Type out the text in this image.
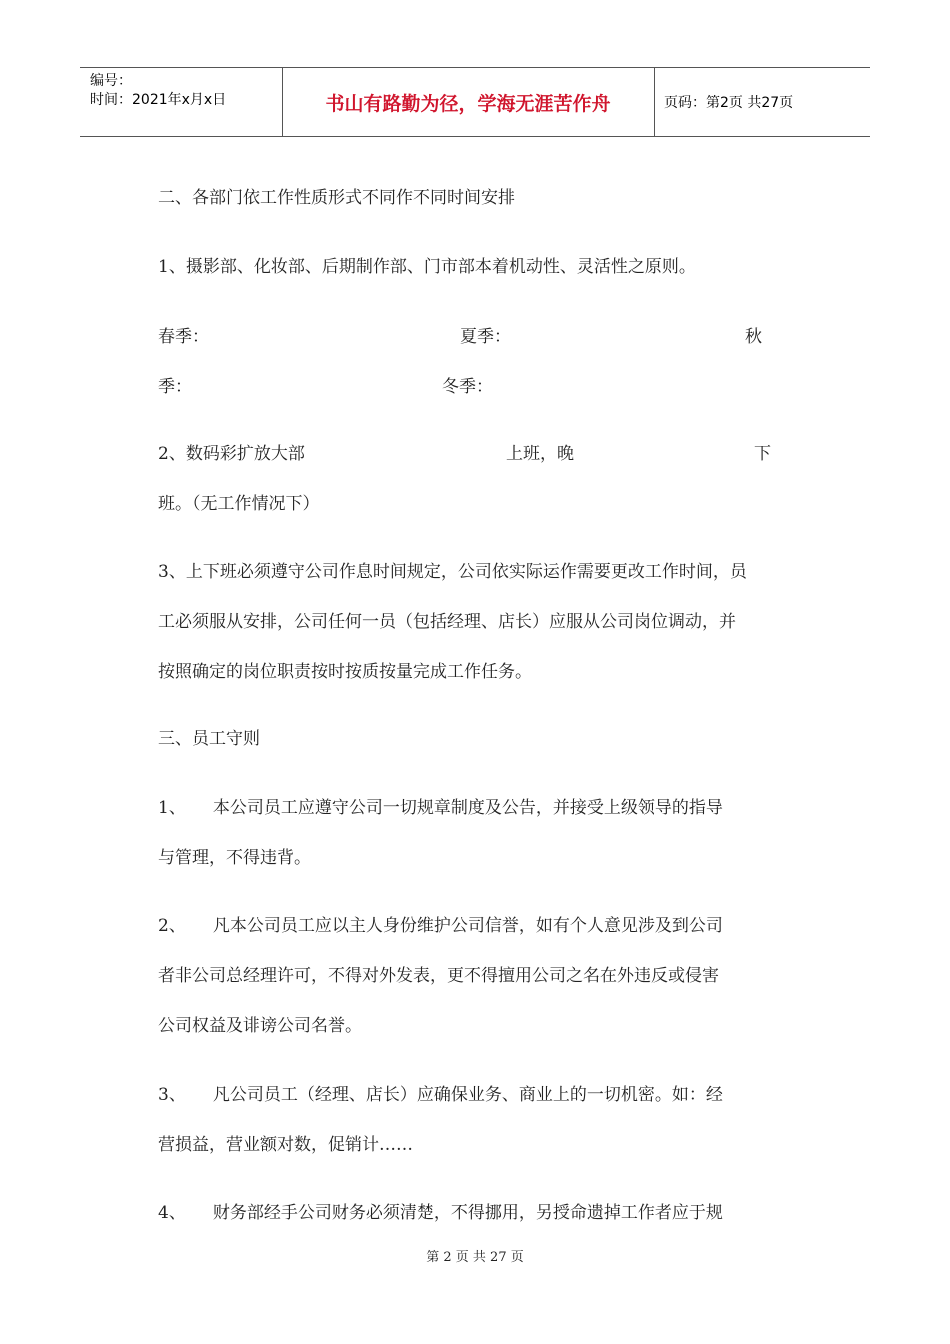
编号：
时间：2021年x月x日	书山有路勤为径，学海无涯苦作舟	页码：第2页 共27页
二、各部门依工作性质形式不同作不同时间安排
1、摄影部、化妆部、后期制作部、门市部本着机动性、灵活性之原则。
春季：	夏季：	秋
季：	冬季：
2、数码彩扩放大部	上班，晚	下
班。（无工作情况下）
3、上下班必须遵守公司作息时间规定，公司依实际运作需要更改工作时间，员
工必须服从安排，公司任何一员（包括经理、店长）应服从公司岗位调动，并
按照确定的岗位职责按时按质按量完成工作任务。
三、员工守则
1、     本公司员工应遵守公司一切规章制度及公告，并接受上级领导的指导
与管理，不得违背。
2、     凡本公司员工应以主人身份维护公司信誉，如有个人意见涉及到公司
者非公司总经理许可，不得对外发表，更不得擅用公司之名在外违反或侵害
公司权益及诽谤公司名誉。
3、     凡公司员工（经理、店长）应确保业务、商业上的一切机密。如：经
营损益，营业额对数，促销计……
4、     财务部经手公司财务必须清楚，不得挪用，另授命遗掉工作者应于规
第 2 页 共 27 页
